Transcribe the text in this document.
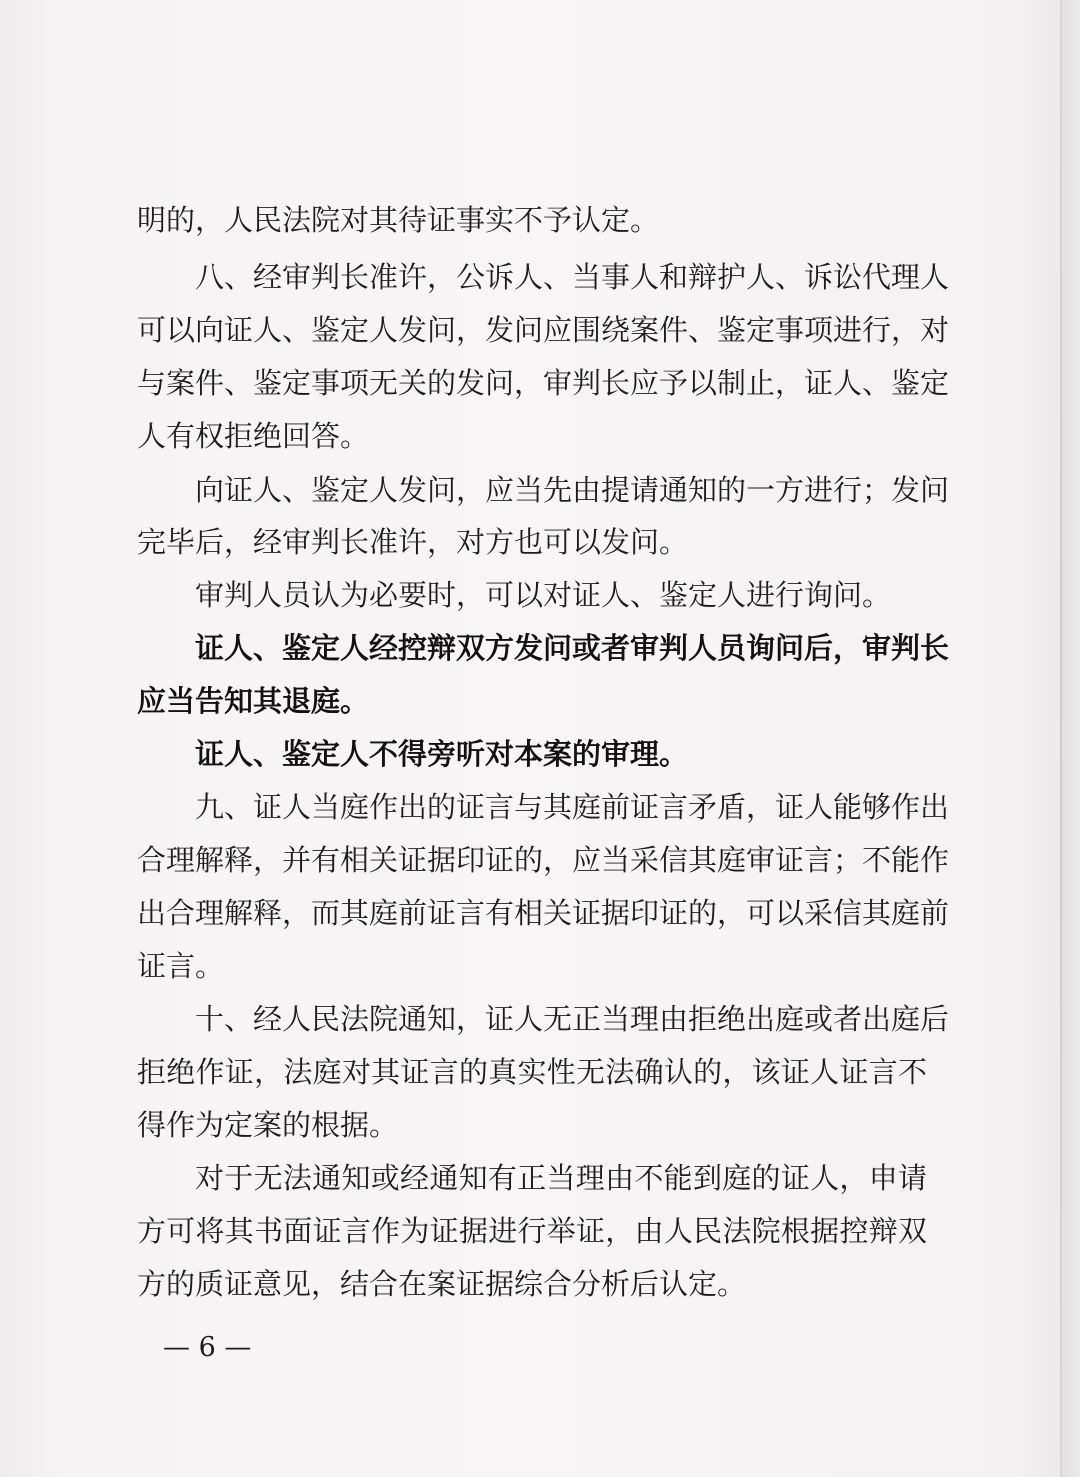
明的，人民法院对其待证事实不予认定。
八、经审判长准许，公诉人、当事人和辩护人、诉讼代理人
可以向证人、鉴定人发问，发问应围绕案件、鉴定事项进行，对
与案件、鉴定事项无关的发问，审判长应予以制止，证人、鉴定
人有权拒绝回答。
向证人、鉴定人发问，应当先由提请通知的一方进行；发问
完毕后，经审判长准许，对方也可以发问。
审判人员认为必要时，可以对证人、鉴定人进行询问。
证人、鉴定人经控辩双方发问或者审判人员询问后，审判长
应当告知其退庭。
证人、鉴定人不得旁听对本案的审理。
九、证人当庭作出的证言与其庭前证言矛盾，证人能够作出
合理解释，并有相关证据印证的，应当采信其庭审证言；不能作
出合理解释，而其庭前证言有相关证据印证的，可以采信其庭前
证言。
十、经人民法院通知，证人无正当理由拒绝出庭或者出庭后
拒绝作证，法庭对其证言的真实性无法确认的，该证人证言不
得作为定案的根据。
对于无法通知或经通知有正当理由不能到庭的证人，申请
方可将其书面证言作为证据进行举证，由人民法院根据控辩双
方的质证意见，结合在案证据综合分析后认定。
— 6 —
